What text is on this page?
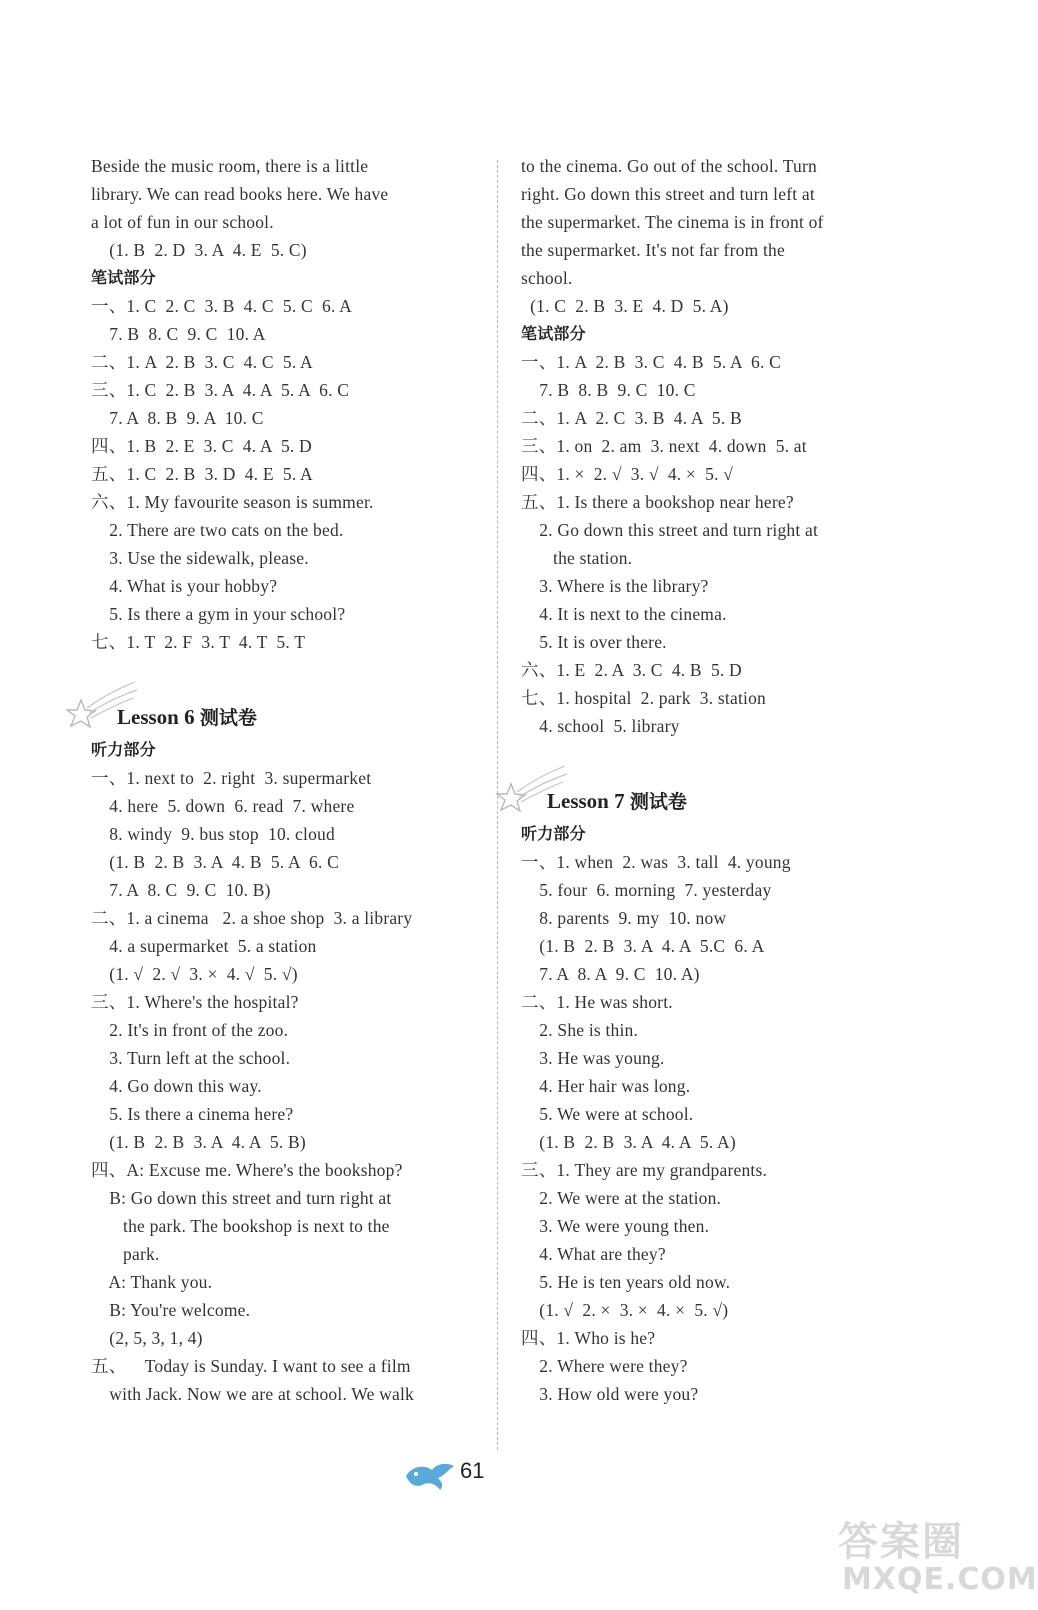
Beside the music room, there is a little
library. We can read books here. We have
a lot of fun in our school.
(1. B  2. D  3. A  4. E  5. C)
笔试部分
一、1. C  2. C  3. B  4. C  5. C  6. A
7. B  8. C  9. C  10. A
二、1. A  2. B  3. C  4. C  5. A
三、1. C  2. B  3. A  4. A  5. A  6. C
7. A  8. B  9. A  10. C
四、1. B  2. E  3. C  4. A  5. D
五、1. C  2. B  3. D  4. E  5. A
六、1. My favourite season is summer.
2. There are two cats on the bed.
3. Use the sidewalk, please.
4. What is your hobby?
5. Is there a gym in your school?
七、1. T  2. F  3. T  4. T  5. T
Lesson 6 测试卷
听力部分
一、1. next to  2. right  3. supermarket
4. here  5. down  6. read  7. where
8. windy  9. bus stop  10. cloud
(1. B  2. B  3. A  4. B  5. A  6. C
7. A  8. C  9. C  10. B)
二、1. a cinema   2. a shoe shop  3. a library
4. a supermarket  5. a station
(1. √  2. √  3. ×  4. √  5. √)
三、1. Where's the hospital?
2. It's in front of the zoo.
3. Turn left at the school.
4. Go down this way.
5. Is there a cinema here?
(1. B  2. B  3. A  4. A  5. B)
四、A: Excuse me. Where's the bookshop?
B: Go down this street and turn right at
the park. The bookshop is next to the
park.
A: Thank you.
B: You're welcome.
(2, 5, 3, 1, 4)
五、    Today is Sunday. I want to see a film
with Jack. Now we are at school. We walk
to the cinema. Go out of the school. Turn
right. Go down this street and turn left at
the supermarket. The cinema is in front of
the supermarket. It's not far from the
school.
(1. C  2. B  3. E  4. D  5. A)
笔试部分
一、1. A  2. B  3. C  4. B  5. A  6. C
7. B  8. B  9. C  10. C
二、1. A  2. C  3. B  4. A  5. B
三、1. on  2. am  3. next  4. down  5. at
四、1. ×  2. √  3. √  4. ×  5. √
五、1. Is there a bookshop near here?
2. Go down this street and turn right at
the station.
3. Where is the library?
4. It is next to the cinema.
5. It is over there.
六、1. E  2. A  3. C  4. B  5. D
七、1. hospital  2. park  3. station
4. school  5. library
Lesson 7 测试卷
听力部分
一、1. when  2. was  3. tall  4. young
5. four  6. morning  7. yesterday
8. parents  9. my  10. now
(1. B  2. B  3. A  4. A  5.C  6. A
7. A  8. A  9. C  10. A)
二、1. He was short.
2. She is thin.
3. He was young.
4. Her hair was long.
5. We were at school.
(1. B  2. B  3. A  4. A  5. A)
三、1. They are my grandparents.
2. We were at the station.
3. We were young then.
4. What are they?
5. He is ten years old now.
(1. √  2. ×  3. ×  4. ×  5. √)
四、1. Who is he?
2. Where were they?
3. How old were you?
61
答案圈
MXQE.COM
